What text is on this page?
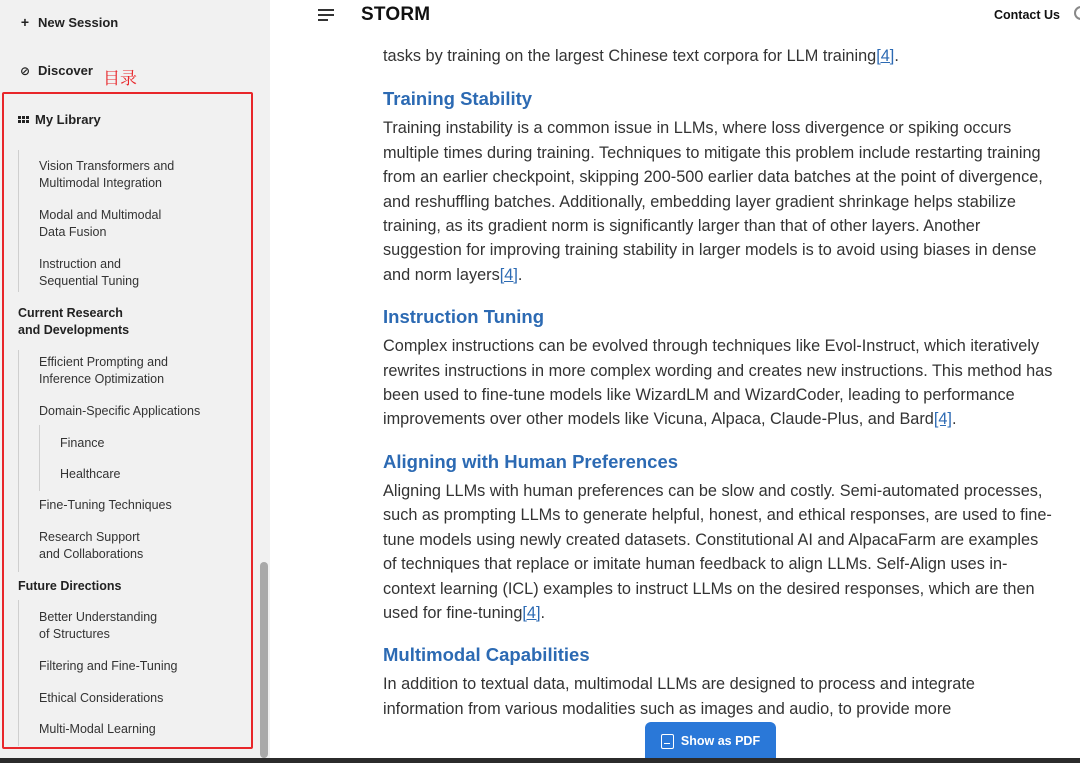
+ New Session
⊘ Discover 目录
My Library
Vision Transformers and
Multimodal Integration
Modal and Multimodal
Data Fusion
Instruction and
Sequential Tuning
Current Research
and Developments
Efficient Prompting and
Inference Optimization
Domain-Specific Applications
Finance
Healthcare
Fine-Tuning Techniques
Research Support
and Collaborations
Future Directions
Better Understanding
of Structures
Filtering and Fine-Tuning
Ethical Considerations
Multi-Modal Learning
STORM	Contact Us

tasks by training on the largest Chinese text corpora for LLM training[4].

Training Stability

Training instability is a common issue in LLMs, where loss divergence or spiking occurs multiple times during training. Techniques to mitigate this problem include restarting training from an earlier checkpoint, skipping 200-500 earlier data batches at the point of divergence, and reshuffling batches. Additionally, embedding layer gradient shrinkage helps stabilize training, as its gradient norm is significantly larger than that of other layers. Another suggestion for improving training stability in larger models is to avoid using biases in dense and norm layers[4].

Instruction Tuning

Complex instructions can be evolved through techniques like Evol-Instruct, which iteratively rewrites instructions in more complex wording and creates new instructions. This method has been used to fine-tune models like WizardLM and WizardCoder, leading to performance improvements over other models like Vicuna, Alpaca, Claude-Plus, and Bard[4].

Aligning with Human Preferences

Aligning LLMs with human preferences can be slow and costly. Semi-automated processes, such as prompting LLMs to generate helpful, honest, and ethical responses, are used to fine-tune models using newly created datasets. Constitutional AI and AlpacaFarm are examples of techniques that replace or imitate human feedback to align LLMs. Self-Align uses in-context learning (ICL) examples to instruct LLMs on the desired responses, which are then used for fine-tuning[4].

Multimodal Capabilities

In addition to textual data, multimodal LLMs are designed to process and integrate information from various modalities such as images and audio, to provide more

Show as PDF
